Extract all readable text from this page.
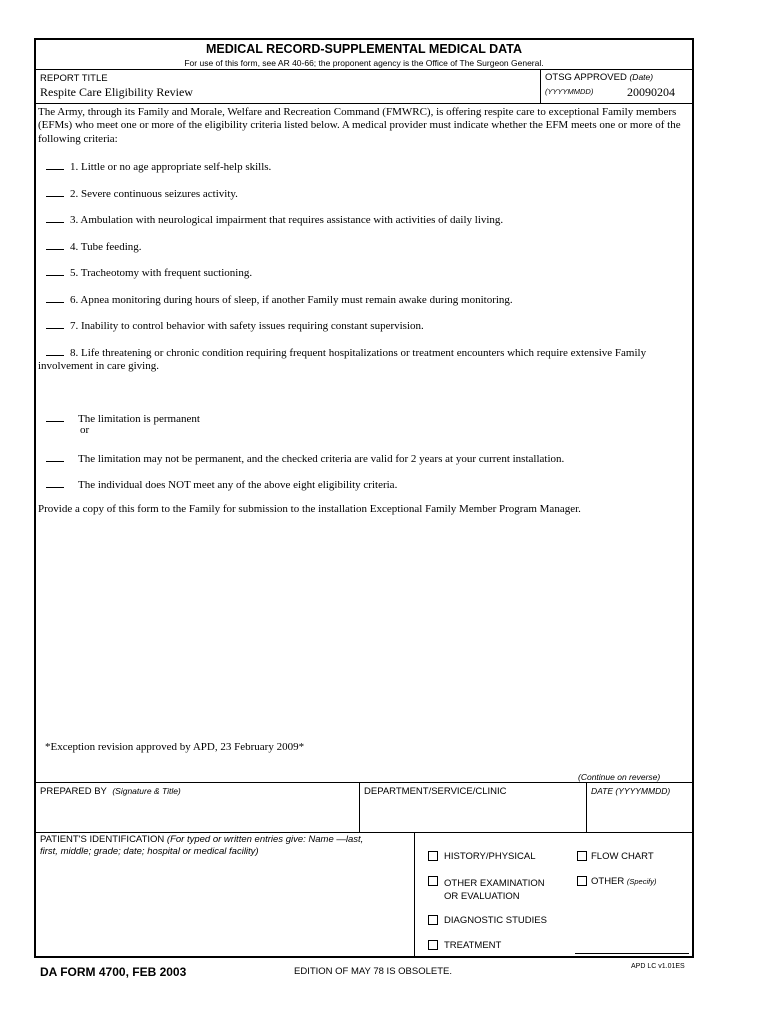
MEDICAL RECORD-SUPPLEMENTAL MEDICAL DATA
For use of this form, see AR 40-66; the proponent agency is the Office of The Surgeon General.
REPORT TITLE
Respite Care Eligibility Review
OTSG APPROVED (Date)
(YYYYMMDD)	20090204
The Army, through its Family and Morale, Welfare and Recreation Command (FMWRC), is offering respite care to exceptional Family members (EFMs) who meet one or more of the eligibility criteria listed below. A medical provider must indicate whether the EFM meets one or more of the following criteria:
1. Little or no age appropriate self-help skills.
2. Severe continuous seizures activity.
3. Ambulation with neurological impairment that requires assistance with activities of daily living.
4. Tube feeding.
5. Tracheotomy with frequent suctioning.
6. Apnea monitoring during hours of sleep, if another Family must remain awake during monitoring.
7. Inability to control behavior with safety issues requiring constant supervision.
8. Life threatening or chronic condition requiring frequent hospitalizations or treatment encounters which require extensive Family involvement in care giving.
The limitation is permanent
or
The limitation may not be permanent, and the checked criteria are valid for 2 years at your current installation.
The individual does NOT meet any of the above eight eligibility criteria.
Provide a copy of this form to the Family for submission to the installation Exceptional Family Member Program Manager.
*Exception revision approved by APD, 23 February 2009*
(Continue on reverse)
PREPARED BY (Signature & Title)	DEPARTMENT/SERVICE/CLINIC	DATE (YYYYMMDD)
PATIENT'S IDENTIFICATION (For typed or written entries give: Name —last,
first, middle; grade; date; hospital or medical facility)	HISTORY/PHYSICAL	FLOW CHART
OTHER EXAMINATION
OR EVALUATION
OTHER (Specify)
DIAGNOSTIC STUDIES
TREATMENT
DA FORM 4700, FEB 2003	EDITION OF MAY 78 IS OBSOLETE.	APD LC v1.01ES
